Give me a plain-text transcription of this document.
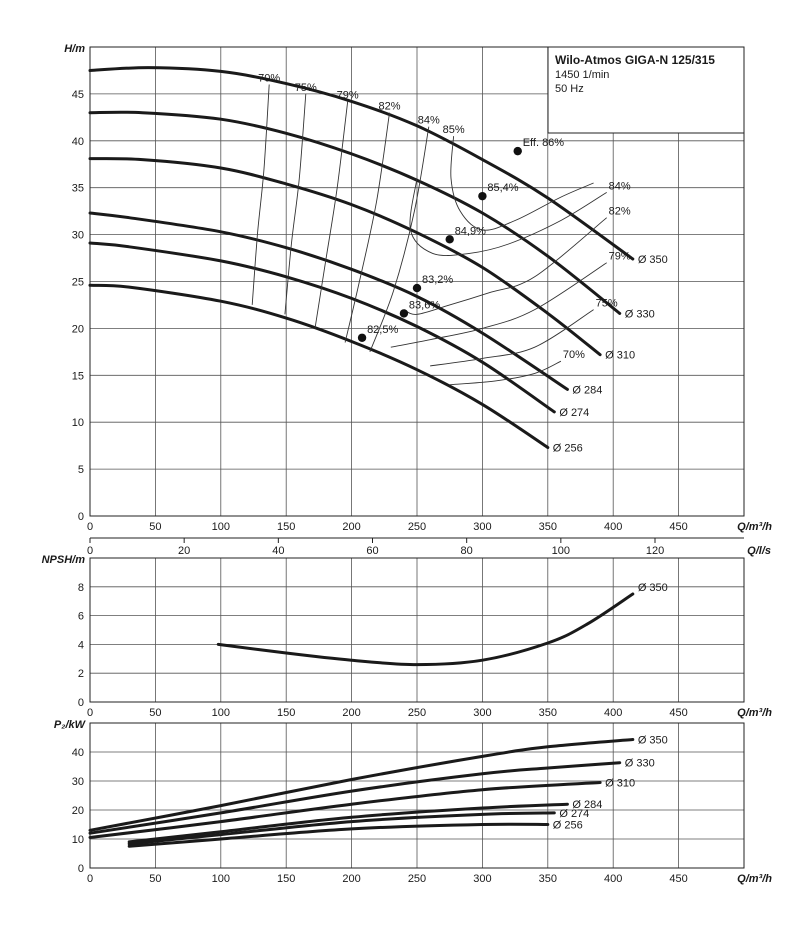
0	50	100	150	200	250	300	350	400	450
0
5
10
15
20
25
30
35
40
45
H/m
Q/m³/h
Ø 350
Ø 330
Ø 310
Ø 284
Ø 274
Ø 256
70%
75%
79%
82%
84%
85%
84%
82%
79%
75%
70%
Eff. 86%
85,4%
84,9%
83,2%
83,6%
82,5%
0	20	40	60	80	100	120	Q/l/s
0	50	100	150	200	250	300	350	400	450
0
2
4
6
8
NPSH/m
Q/m³/h
Ø 350
0	50	100	150	200	250	300	350	400	450
0
10
20
30
40
P₂/kW
Q/m³/h
Ø 350
Ø 330
Ø 310
Ø 284
Ø 274
Ø 256
Wilo-Atmos GIGA-N 125/315
1450 1/min
50 Hz
